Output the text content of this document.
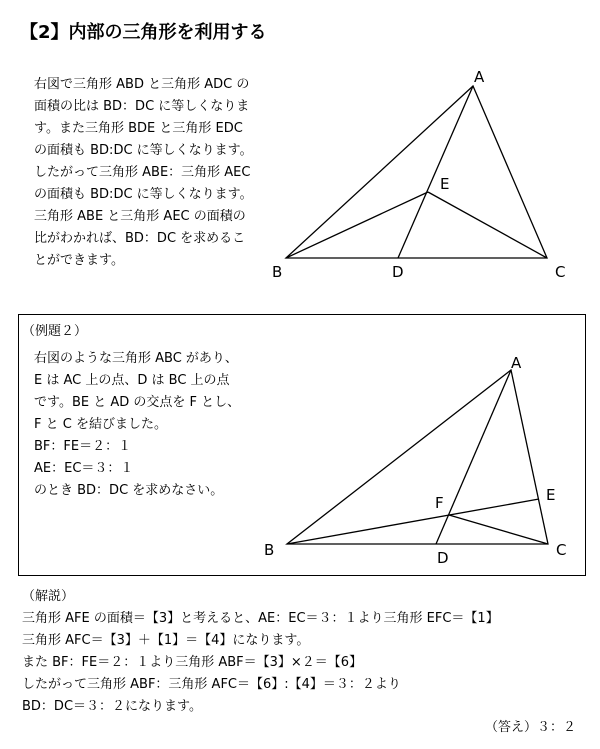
【2】内部の三角形を利用する
右図で三角形 ABD と三角形 ADC の
面積の比は BD：DC に等しくなりま
す。また三角形 BDE と三角形 EDC
の面積も BD:DC に等しくなります。
したがって三角形 ABE：三角形 AEC
の面積も BD:DC に等しくなります。
三角形 ABE と三角形 AEC の面積の
比がわかれば、BD：DC を求めるこ
とができます。
A
B	C
D
E
（例題２）
右図のような三角形 ABC があり、
E は AC 上の点、D は BC 上の点
です。BE と AD の交点を F とし、
F と C を結びました。
BF：FE＝２：１
AE：EC＝３：１
のとき BD：DC を求めなさい。
A
B	C
D
E
F
（解説）
三角形 AFE の面積＝【3】と考えると、AE：EC＝３：１より三角形 EFC＝【1】
三角形 AFC＝【3】＋【1】＝【4】になります。
また BF：FE＝２：１より三角形 ABF＝【3】×２＝【6】
したがって三角形 ABF：三角形 AFC＝【6】:【4】＝３：２より
BD：DC＝３：２になります。
（答え）３：２
